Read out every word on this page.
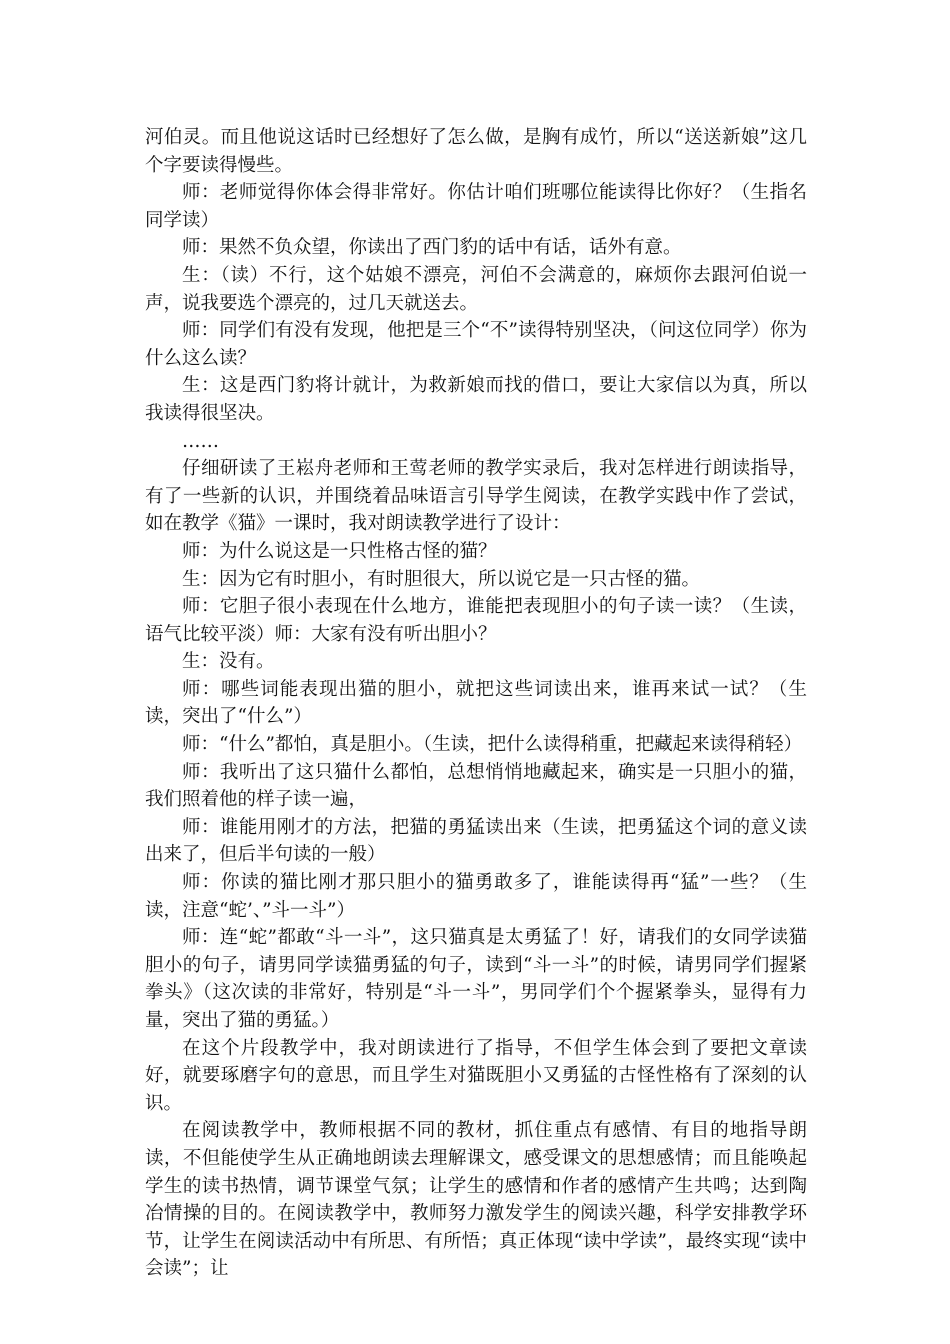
河伯灵。而且他说这话时已经想好了怎么做，是胸有成竹，所以“送送新娘”这几个字要读得慢些。

师：老师觉得你体会得非常好。你估计咱们班哪位能读得比你好？（生指名同学读）

师：果然不负众望，你读出了西门豹的话中有话，话外有意。

生：（读）不行，这个姑娘不漂亮，河伯不会满意的，麻烦你去跟河伯说一声，说我要选个漂亮的，过几天就送去。

师：同学们有没有发现，他把是三个“不”读得特别坚决，（问这位同学）你为什么这么读？

生：这是西门豹将计就计，为救新娘而找的借口，要让大家信以为真，所以我读得很坚决。

……

仔细研读了王崧舟老师和王莺老师的教学实录后，我对怎样进行朗读指导，有了一些新的认识，并围绕着品味语言引导学生阅读，在教学实践中作了尝试，如在教学《猫》一课时，我对朗读教学进行了设计：

师：为什么说这是一只性格古怪的猫？

生：因为它有时胆小，有时胆很大，所以说它是一只古怪的猫。

师：它胆子很小表现在什么地方，谁能把表现胆小的句子读一读？（生读，语气比较平淡）师：大家有没有听出胆小？

生：没有。

师：哪些词能表现出猫的胆小，就把这些词读出来，谁再来试一试？（生读，突出了“什么”）

师：“什么”都怕，真是胆小。（生读，把什么读得稍重，把藏起来读得稍轻）

师：我听出了这只猫什么都怕，总想悄悄地藏起来，确实是一只胆小的猫，我们照着他的样子读一遍，

师：谁能用刚才的方法，把猫的勇猛读出来（生读，把勇猛这个词的意义读出来了，但后半句读的一般）

师：你读的猫比刚才那只胆小的猫勇敢多了，谁能读得再“猛”一些？（生读，注意“蛇’、”斗一斗”）

师：连“蛇”都敢“斗一斗”，这只猫真是太勇猛了！好，请我们的女同学读猫胆小的句子，请男同学读猫勇猛的句子，读到“斗一斗”的时候，请男同学们握紧拳头》（这次读的非常好，特别是“斗一斗”，男同学们个个握紧拳头，显得有力量，突出了猫的勇猛。）

在这个片段教学中，我对朗读进行了指导，不但学生体会到了要把文章读好，就要琢磨字句的意思，而且学生对猫既胆小又勇猛的古怪性格有了深刻的认识。

在阅读教学中，教师根据不同的教材，抓住重点有感情、有目的地指导朗读，不但能使学生从正确地朗读去理解课文，感受课文的思想感情；而且能唤起学生的读书热情，调节课堂气氛；让学生的感情和作者的感情产生共鸣；达到陶冶情操的目的。在阅读教学中，教师努力激发学生的阅读兴趣，科学安排教学环节，让学生在阅读活动中有所思、有所悟；真正体现“读中学读”，最终实现“读中会读”；让
